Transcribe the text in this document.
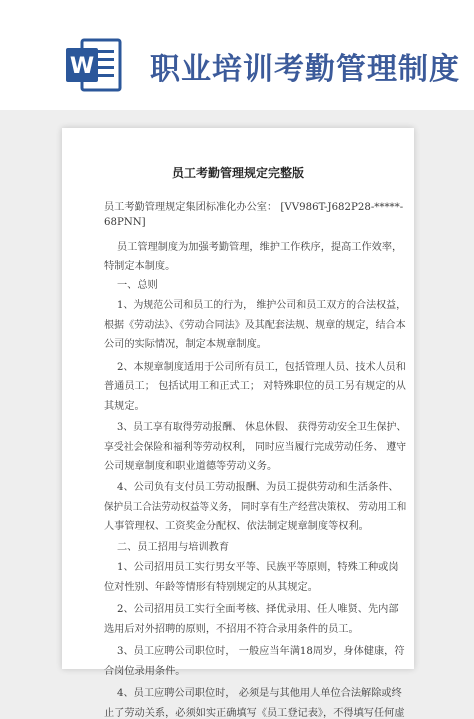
W 职业培训考勤管理制度
员工考勤管理规定完整版
员工考勤管理规定集团标准化办公室： [VV986T-J682P28-*****-
68PNN]
员工管理制度为加强考勤管理，维护工作秩序，提高工作效率，
特制定本制度。
一、总则
1、为规范公司和员工的行为， 维护公司和员工双方的合法权益，
根据《劳动法》、《劳动合同法》及其配套法规、规章的规定，结合本
公司的实际情况，制定本规章制度。
2、本规章制度适用于公司所有员工，包括管理人员、技术人员和
普通员工； 包括试用工和正式工； 对特殊职位的员工另有规定的从
其规定。
3、员工享有取得劳动报酬、 休息休假、 获得劳动安全卫生保护、
享受社会保险和福利等劳动权利， 同时应当履行完成劳动任务、 遵守
公司规章制度和职业道德等劳动义务。
4、公司负有支付员工劳动报酬、为员工提供劳动和生活条件、
保护员工合法劳动权益等义务， 同时享有生产经营决策权、 劳动用工和
人事管理权、工资奖金分配权、依法制定规章制度等权利。
二、员工招用与培训教育
1、公司招用员工实行男女平等、民族平等原则，特殊工种或岗
位对性别、年龄等情形有特别规定的从其规定。
2、公司招用员工实行全面考核、择优录用、任人唯贤、先内部
选用后对外招聘的原则，不招用不符合录用条件的员工。
3、员工应聘公司职位时， 一般应当年满18周岁，身体健康，符
合岗位录用条件。
4、员工应聘公司职位时， 必须是与其他用人单位合法解除或终
止了劳动关系，必须如实正确填写《员工登记表》，不得填写任何虚
